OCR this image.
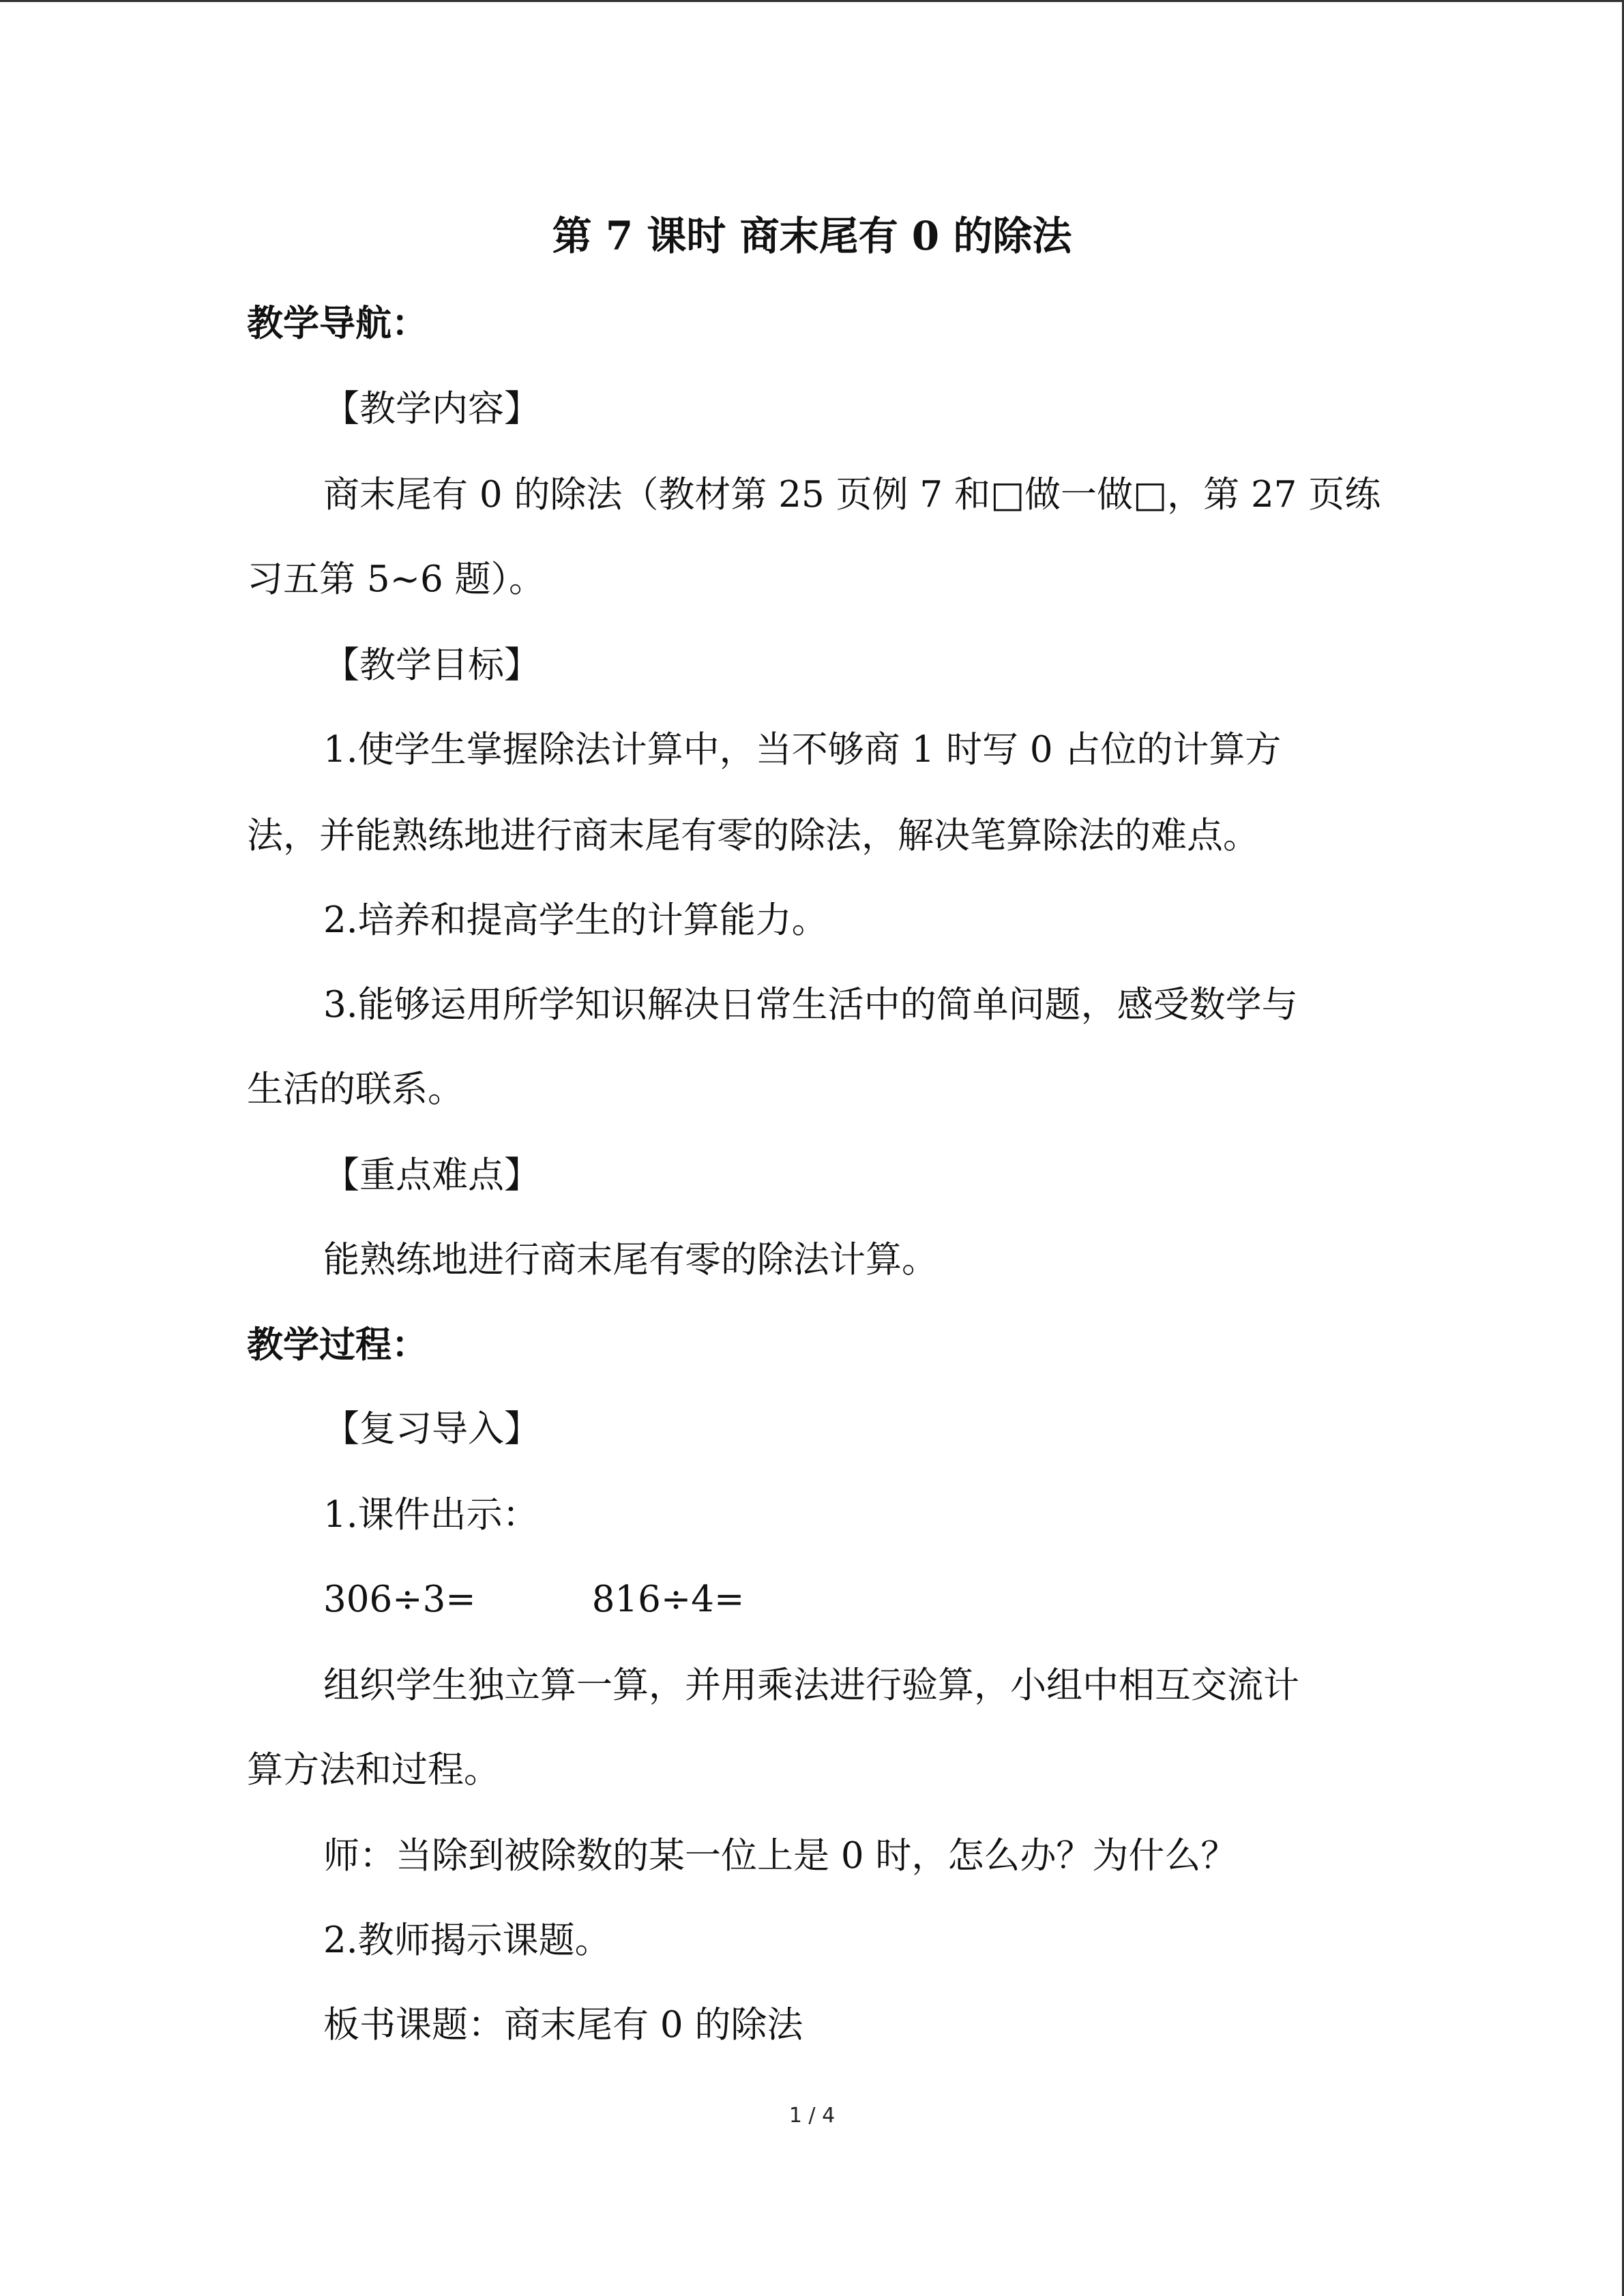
第 7 课时 商末尾有 0 的除法
教学导航：
【教学内容】
商末尾有 0 的除法（教材第 25 页例 7 和□做一做□，第 27 页练
习五第 5~6 题）。
【教学目标】
1.使学生掌握除法计算中，当不够商 1 时写 0 占位的计算方
法，并能熟练地进行商末尾有零的除法，解决笔算除法的难点。
2.培养和提高学生的计算能力。
3.能够运用所学知识解决日常生活中的简单问题，感受数学与
生活的联系。
【重点难点】
能熟练地进行商末尾有零的除法计算。
教学过程：
【复习导入】
1.课件出示：
306÷3=	816÷4=
组织学生独立算一算，并用乘法进行验算，小组中相互交流计
算方法和过程。
师：当除到被除数的某一位上是 0 时，怎么办？为什么？
2.教师揭示课题。
板书课题：商末尾有 0 的除法
1 / 4
